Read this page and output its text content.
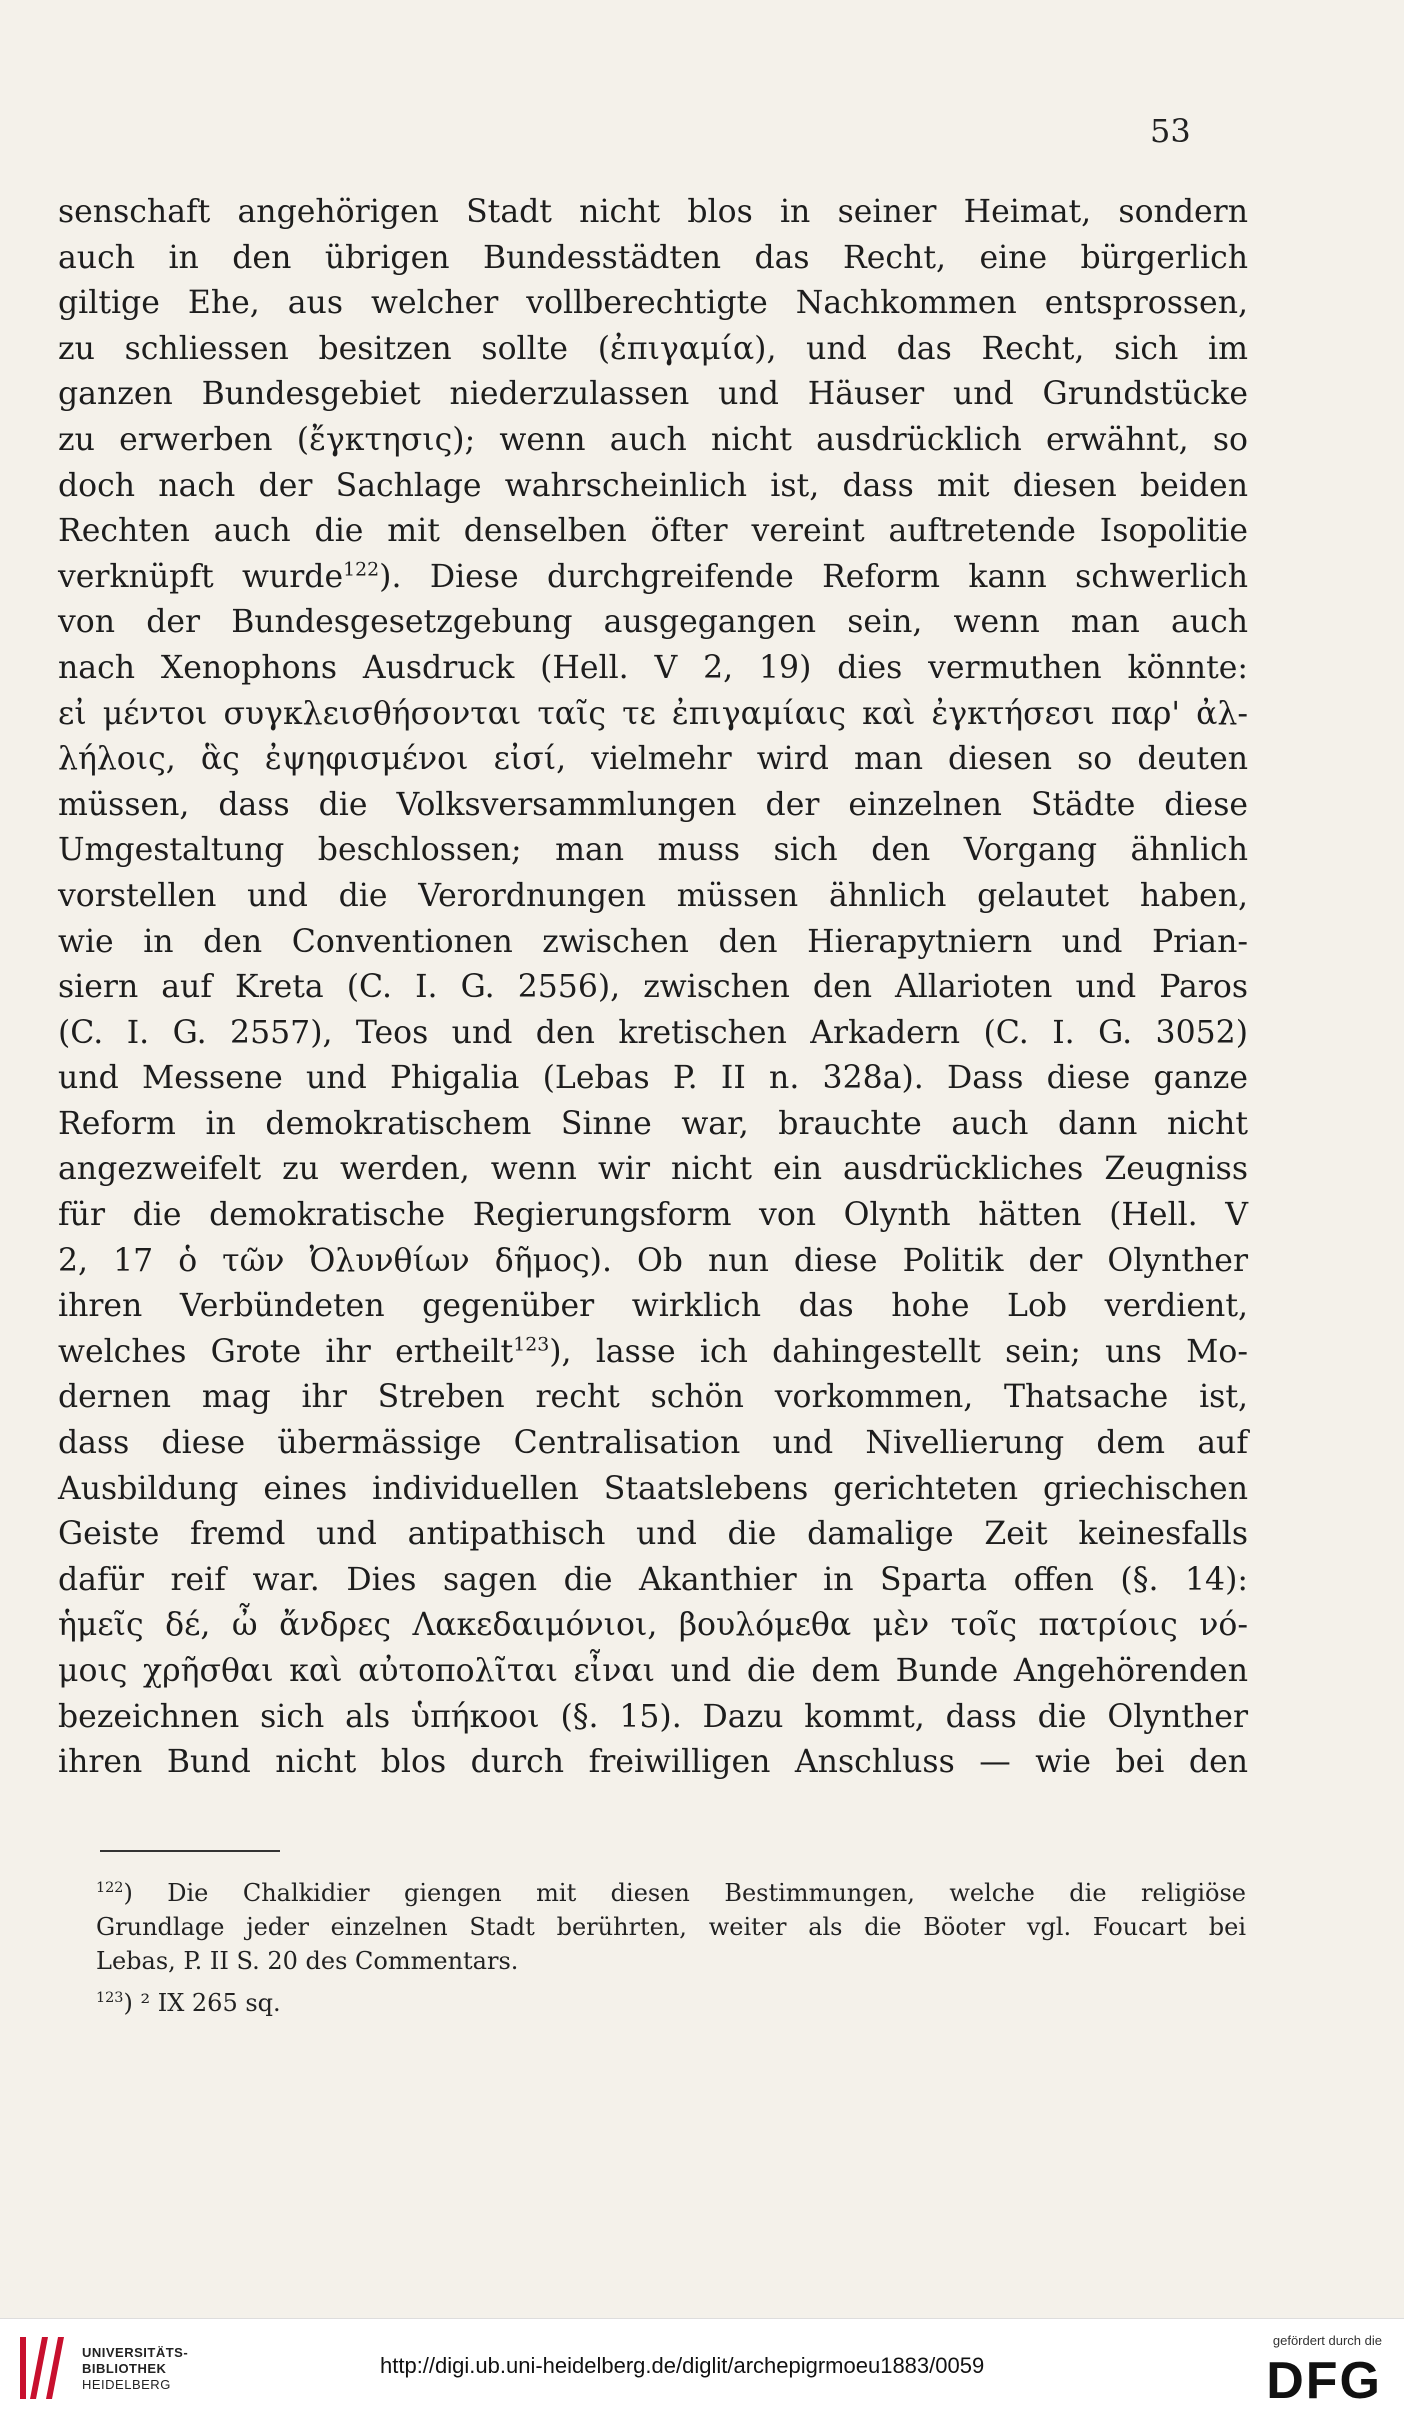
53
senschaft angehörigen Stadt nicht blos in seiner Heimat, sondern
auch in den übrigen Bundesstädten das Recht, eine bürgerlich
giltige Ehe, aus welcher vollberechtigte Nachkommen entsprossen,
zu schliessen besitzen sollte (ἐπιγαμία), und das Recht, sich im
ganzen Bundesgebiet niederzulassen und Häuser und Grundstücke
zu erwerben (ἔγκτησις); wenn auch nicht ausdrücklich erwähnt, so
doch nach der Sachlage wahrscheinlich ist, dass mit diesen beiden
Rechten auch die mit denselben öfter vereint auftretende Isopolitie
verknüpft wurde$^{122}$). Diese durchgreifende Reform kann schwerlich
von der Bundesgesetzgebung ausgegangen sein, wenn man auch
nach Xenophons Ausdruck (Hell. V 2, 19) dies vermuthen könnte:
εἰ μέντοι συγκλεισθήσονται ταῖς τε ἐπιγαμίαις καὶ ἐγκτήσεσι παρ' ἀλ-
λήλοις, ἃς ἐψηφισμένοι εἰσί, vielmehr wird man diesen so deuten
müssen, dass die Volksversammlungen der einzelnen Städte diese
Umgestaltung beschlossen; man muss sich den Vorgang ähnlich
vorstellen und die Verordnungen müssen ähnlich gelautet haben,
wie in den Conventionen zwischen den Hierapytniern und Prian-
siern auf Kreta (C. I. G. 2556), zwischen den Allarioten und Paros
(C. I. G. 2557), Teos und den kretischen Arkadern (C. I. G. 3052)
und Messene und Phigalia (Lebas P. II n. 328a). Dass diese ganze
Reform in demokratischem Sinne war, brauchte auch dann nicht
angezweifelt zu werden, wenn wir nicht ein ausdrückliches Zeugniss
für die demokratische Regierungsform von Olynth hätten (Hell. V
2, 17 ὁ τῶν Ὀλυνθίων δῆμος). Ob nun diese Politik der Olynther
ihren Verbündeten gegenüber wirklich das hohe Lob verdient,
welches Grote ihr ertheilt$^{123}$), lasse ich dahingestellt sein; uns Mo-
dernen mag ihr Streben recht schön vorkommen, Thatsache ist,
dass diese übermässige Centralisation und Nivellierung dem auf
Ausbildung eines individuellen Staatslebens gerichteten griechischen
Geiste fremd und antipathisch und die damalige Zeit keinesfalls
dafür reif war. Dies sagen die Akanthier in Sparta offen (§. 14):
ἡμεῖς δέ, ὦ ἄνδρες Λακεδαιμόνιοι, βουλόμεθα μὲν τοῖς πατρίοις νό-
μοις χρῆσθαι καὶ αὐτοπολῖται εἶναι und die dem Bunde Angehörenden
bezeichnen sich als ὑπήκοοι (§. 15). Dazu kommt, dass die Olynther
ihren Bund nicht blos durch freiwilligen Anschluss — wie bei den
$^{122}$) Die Chalkidier giengen mit diesen Bestimmungen, welche die religiöse
Grundlage jeder einzelnen Stadt berührten, weiter als die Böoter vgl. Foucart bei
Lebas, P. II S. 20 des Commentars.
$^{123}$) ² IX 265 sq.
UNIVERSITÄTS-
BIBLIOTHEK
HEIDELBERG
http://digi.ub.uni-heidelberg.de/diglit/archepigrmoeu1883/0059
gefördert durch die
DFG
